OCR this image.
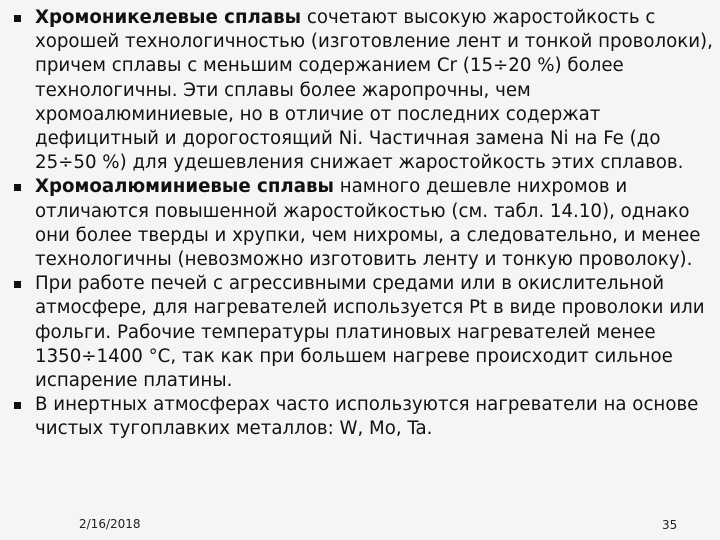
Хромоникелевые сплавы сочетают высокую жаростойкость с хорошей технологичностью (изготовление лент и тонкой проволоки), причем сплавы с меньшим содержанием Cr (15÷20 %) более технологичны. Эти сплавы более жаропрочны, чем хромоалюминиевые, но в отличие от последних содержат дефицитный и дорогостоящий Ni. Частичная замена Ni на Fe (до 25÷50 %) для удешевления снижает жаростойкость этих сплавов.
Хромоалюминиевые сплавы намного дешевле нихромов и отличаются повышенной жаростойкостью (см. табл. 14.10), однако они более тверды и хрупки, чем нихромы, а следовательно, и менее технологичны (невозможно изготовить ленту и тонкую проволоку).
При работе печей с агрессивными средами или в окислительной атмосфере, для нагревателей используется Pt в виде проволоки или фольги. Рабочие температуры платиновых нагревателей менее 1350÷1400 °C, так как при большем нагреве происходит сильное испарение платины.
В инертных атмосферах часто используются нагреватели на основе чистых тугоплавких металлов: W, Mo, Ta.
2/16/2018	35
